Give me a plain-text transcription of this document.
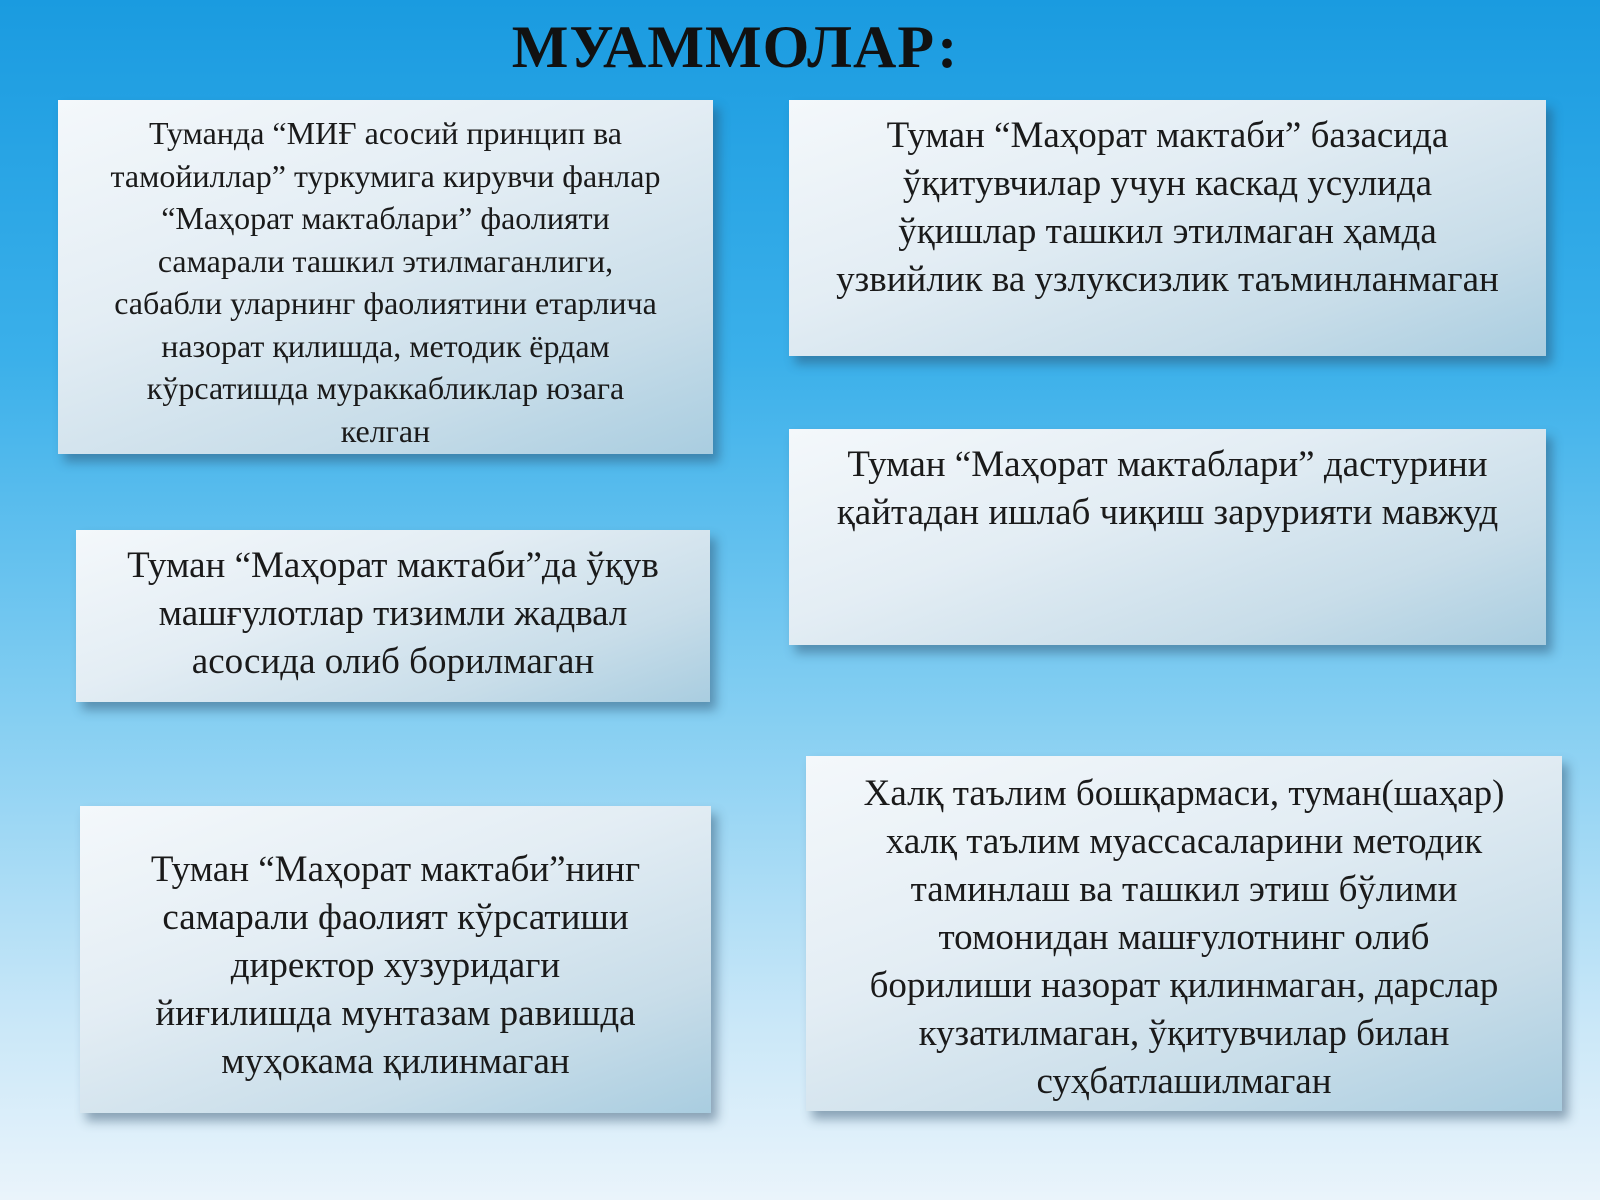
МУАММОЛАР:

Туманда “МИҒ асосий принцип ва
тамойиллар” туркумига кирувчи фанлар
“Маҳорат мактаблари” фаолияти
самарали ташкил этилмаганлиги,
сабабли уларнинг фаолиятини етарлича
назорат қилишда, методик ёрдам
кўрсатишда мураккабликлар юзага
келган

Туман “Маҳорат мактаби” базасида
ўқитувчилар учун каскад усулида
ўқишлар ташкил этилмаган ҳамда
узвийлик ва узлуксизлик таъминланмаган

Туман “Маҳорат мактаблари” дастурини
қайтадан ишлаб чиқиш зарурияти мавжуд

Туман “Маҳорат мактаби”да ўқув
машғулотлар тизимли жадвал
асосида олиб борилмаган

Туман “Маҳорат мактаби”нинг
самарали фаолият кўрсатиши
директор хузуридаги
йиғилишда мунтазам равишда
муҳокама қилинмаган

Халқ таълим бошқармаси, туман(шаҳар)
халқ таълим муассасаларини методик
таминлаш ва ташкил этиш бўлими
томонидан машғулотнинг олиб
борилиши назорат қилинмаган, дарслар
кузатилмаган, ўқитувчилар билан
суҳбатлашилмаган
